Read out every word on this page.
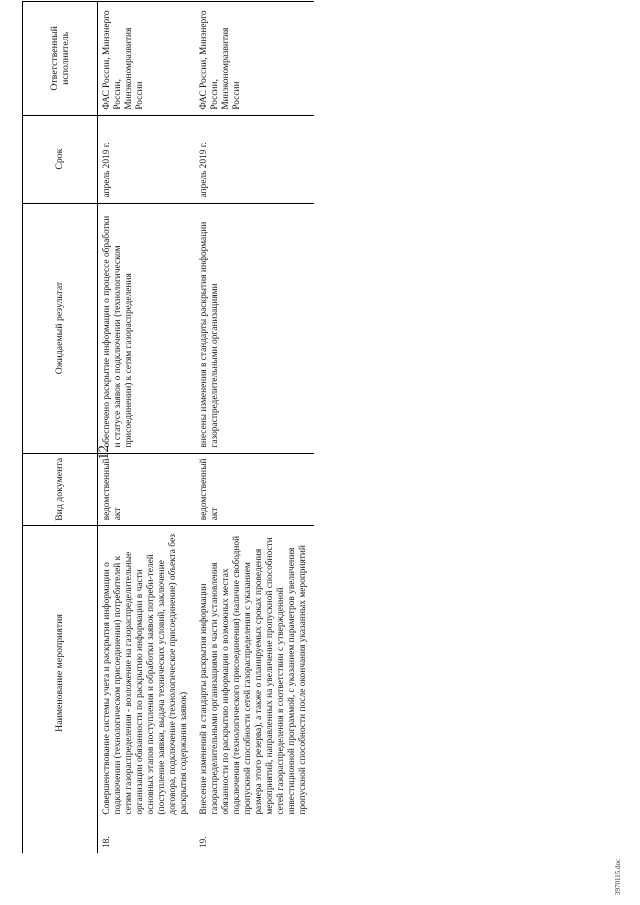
12
	Наименование мероприятия	Вид документа	Ожидаемый результат	Срок	Ответственный исполнитель
18.	Совершенствование системы учета и раскрытия информации о подключении (технологическом присоединении) потребителей к сетям газораспределения - возложение на газораспределительные организации обязанности по раскрытию информации в части основных этапов поступления и обработки заявок потреби-телей (поступление заявки, выдача технических условий, заключение договора, подключение (технологическое присоединение) объекта без раскрытия содержания заявок)	ведомственный акт	обеспечено раскрытие информации о процессе обработки и статусе заявок о подключении (технологическом присоединении) к сетям газораспределения	апрель 2019 г.	ФАС России, Минэнерго России, Минэкономразвития России
19.	Внесение изменений в стандарты раскрытия информации газораспределительными организациями в части установления обязанности по раскрытию информации о возможных местах подключения (технологического присоединения) (наличие свободной пропускной способности сетей газораспределения с указанием размера этого резерва), а также о планируемых сроках проведения мероприятий, направленных на увеличение пропускной способности сетей газораспределения в соответствии с утвержденной инвестиционной программой, с указанием параметров увеличения пропускной способности после окончания указанных мероприятий	ведомственный акт	внесены изменения в стандарты раскрытия информации газораспределительными организациями	апрель 2019 г.	ФАС России, Минэнерго России, Минэкономразвития России
3970115.doc
